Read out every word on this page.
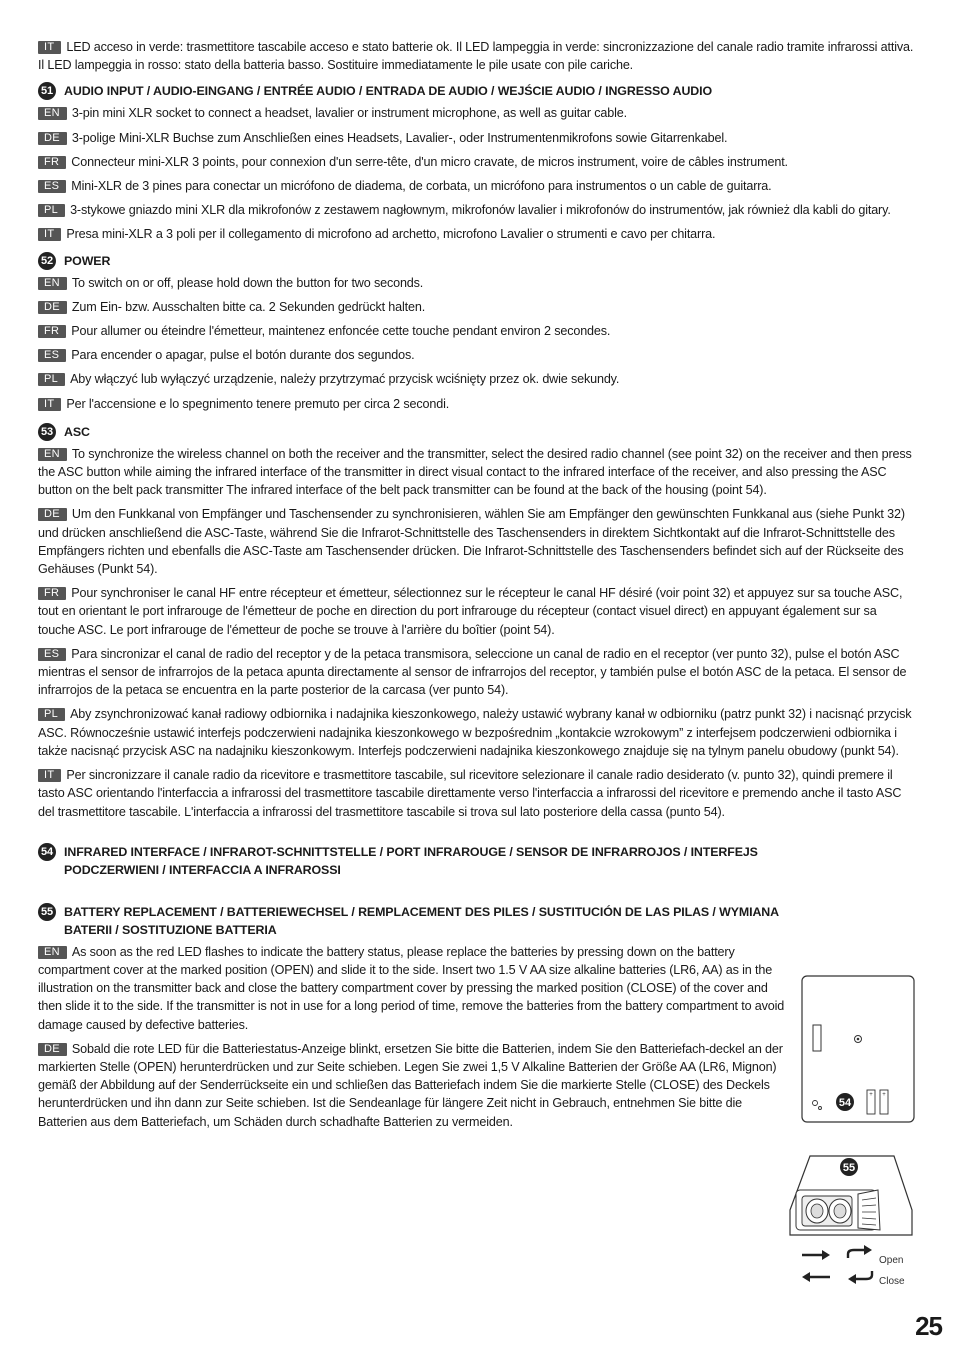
IT LED acceso in verde: trasmettitore tascabile acceso e stato batterie ok. Il LED lampeggia in verde: sincronizzazione del canale radio tramite infrarossi attiva. Il LED lampeggia in rosso: stato della batteria basso. Sostituire immediatamente le pile usate con pile cariche.

51 AUDIO INPUT / AUDIO-EINGANG / ENTRÉE AUDIO / ENTRADA DE AUDIO / WEJŚCIE AUDIO / INGRESSO AUDIO

EN 3-pin mini XLR socket to connect a headset, lavalier or instrument microphone, as well as guitar cable.

DE 3-polige Mini-XLR Buchse zum Anschließen eines Headsets, Lavalier-, oder Instrumentenmikrofons sowie Gitarrenkabel.

FR Connecteur mini-XLR 3 points, pour connexion d'un serre-tête, d'un micro cravate, de micros instrument, voire de câbles instrument.

ES Mini-XLR de 3 pines para conectar un micrófono de diadema, de corbata, un micrófono para instrumentos o un cable de guitarra.

PL 3-stykowe gniazdo mini XLR dla mikrofonów z zestawem nagłownym, mikrofonów lavalier i mikrofonów do instrumentów, jak również dla kabli do gitary.

IT Presa mini-XLR a 3 poli per il collegamento di microfono ad archetto, microfono Lavalier o strumenti e cavo per chitarra.

52 POWER

EN To switch on or off, please hold down the button for two seconds.

DE Zum Ein- bzw. Ausschalten bitte ca. 2 Sekunden gedrückt halten.

FR Pour allumer ou éteindre l'émetteur, maintenez enfoncée cette touche pendant environ 2 secondes.

ES Para encender o apagar, pulse el botón durante dos segundos.

PL Aby włączyć lub wyłączyć urządzenie, należy przytrzymać przycisk wciśnięty przez ok. dwie sekundy.

IT Per l'accensione e lo spegnimento tenere premuto per circa 2 secondi.

53 ASC

EN To synchronize the wireless channel on both the receiver and the transmitter, select the desired radio channel (see point 32) on the receiver and then press the ASC button while aiming the infrared interface of the transmitter in direct visual contact to the infrared interface of the receiver, and also pressing the ASC button on the belt pack transmitter The infrared interface of the belt pack transmitter can be found at the back of the housing (point 54).

DE Um den Funkkanal von Empfänger und Taschensender zu synchronisieren, wählen Sie am Empfänger den gewünschten Funkkanal aus (siehe Punkt 32) und drücken anschließend die ASC-Taste, während Sie die Infrarot-Schnittstelle des Taschensenders in direktem Sichtkontakt auf die Infrarot-Schnittstelle des Empfängers richten und ebenfalls die ASC-Taste am Taschensender drücken. Die Infrarot-Schnittstelle des Taschensenders befindet sich auf der Rückseite des Gehäuses (Punkt 54).

FR Pour synchroniser le canal HF entre récepteur et émetteur, sélectionnez sur le récepteur le canal HF désiré (voir point 32) et appuyez sur sa touche ASC, tout en orientant le port infrarouge de l'émetteur de poche en direction du port infrarouge du récepteur (contact visuel direct) en appuyant également sur sa touche ASC. Le port infrarouge de l'émetteur de poche se trouve à l'arrière du boîtier (point 54).

ES Para sincronizar el canal de radio del receptor y de la petaca transmisora, seleccione un canal de radio en el receptor (ver punto 32), pulse el botón ASC mientras el sensor de infrarrojos de la petaca apunta directamente al sensor de infrarrojos del receptor, y también pulse el botón ASC de la petaca. El sensor de infrarrojos de la petaca se encuentra en la parte posterior de la carcasa (ver punto 54).

PL Aby zsynchronizować kanał radiowy odbiornika i nadajnika kieszonkowego, należy ustawić wybrany kanał w odbiorniku (patrz punkt 32) i nacisnąć przycisk ASC. Równocześnie ustawić interfejs podczerwieni nadajnika kieszonkowego w bezpośrednim „kontakcie wzrokowym” z interfejsem podczerwieni odbiornika i także nacisnąć przycisk ASC na nadajniku kieszonkowym. Interfejs podczerwieni nadajnika kieszonkowego znajduje się na tylnym panelu obudowy (punkt 54).

IT Per sincronizzare il canale radio da ricevitore e trasmettitore tascabile, sul ricevitore selezionare il canale radio desiderato (v. punto 32), quindi premere il tasto ASC orientando l'interfaccia a infrarossi del trasmettitore tascabile direttamente verso l'interfaccia a infrarossi del ricevitore e premendo anche il tasto ASC del trasmettitore tascabile. L'interfaccia a infrarossi del trasmettitore tascabile si trova sul lato posteriore della cassa (punto 54).

54 INFRARED INTERFACE / INFRAROT-SCHNITTSTELLE / PORT INFRAROUGE / SENSOR DE INFRARROJOS / INTERFEJS PODCZERWIENI / INTERFACCIA A INFRAROSSI
55 BATTERY REPLACEMENT / BATTERIEWECHSEL / REMPLACEMENT DES PILES / SUSTITUCIÓN DE LAS PILAS / WYMIANA BATERII / SOSTITUZIONE BATTERIA

EN As soon as the red LED flashes to indicate the battery status, please replace the batteries by pressing down on the battery compartment cover at the marked position (OPEN) and slide it to the side. Insert two 1.5 V AA size alkaline batteries (LR6, AA) as in the illustration on the transmitter back and close the battery compartment cover by pressing the marked position (CLOSE) of the cover and then slide it to the side. If the transmitter is not in use for a long period of time, remove the batteries from the battery compartment to avoid damage caused by defective batteries.

DE Sobald die rote LED für die Batteriestatus-Anzeige blinkt, ersetzen Sie bitte die Batterien, indem Sie den Batteriefach-deckel an der markierten Stelle (OPEN) herunterdrücken und zur Seite schieben. Legen Sie zwei 1,5 V Alkaline Batterien der Größe AA (LR6, Mignon) gemäß der Abbildung auf der Senderrückseite ein und schließen das Batteriefach indem Sie die markierte Stelle (CLOSE) des Deckels herunterdrücken und ihn dann zur Seite schieben. Ist die Sendeanlage für längere Zeit nicht in Gebrauch, entnehmen Sie bitte die Batterien aus dem Batteriefach, um Schäden durch schadhafte Batterien zu vermeiden.

54
+ +
55
Open
Close
25
